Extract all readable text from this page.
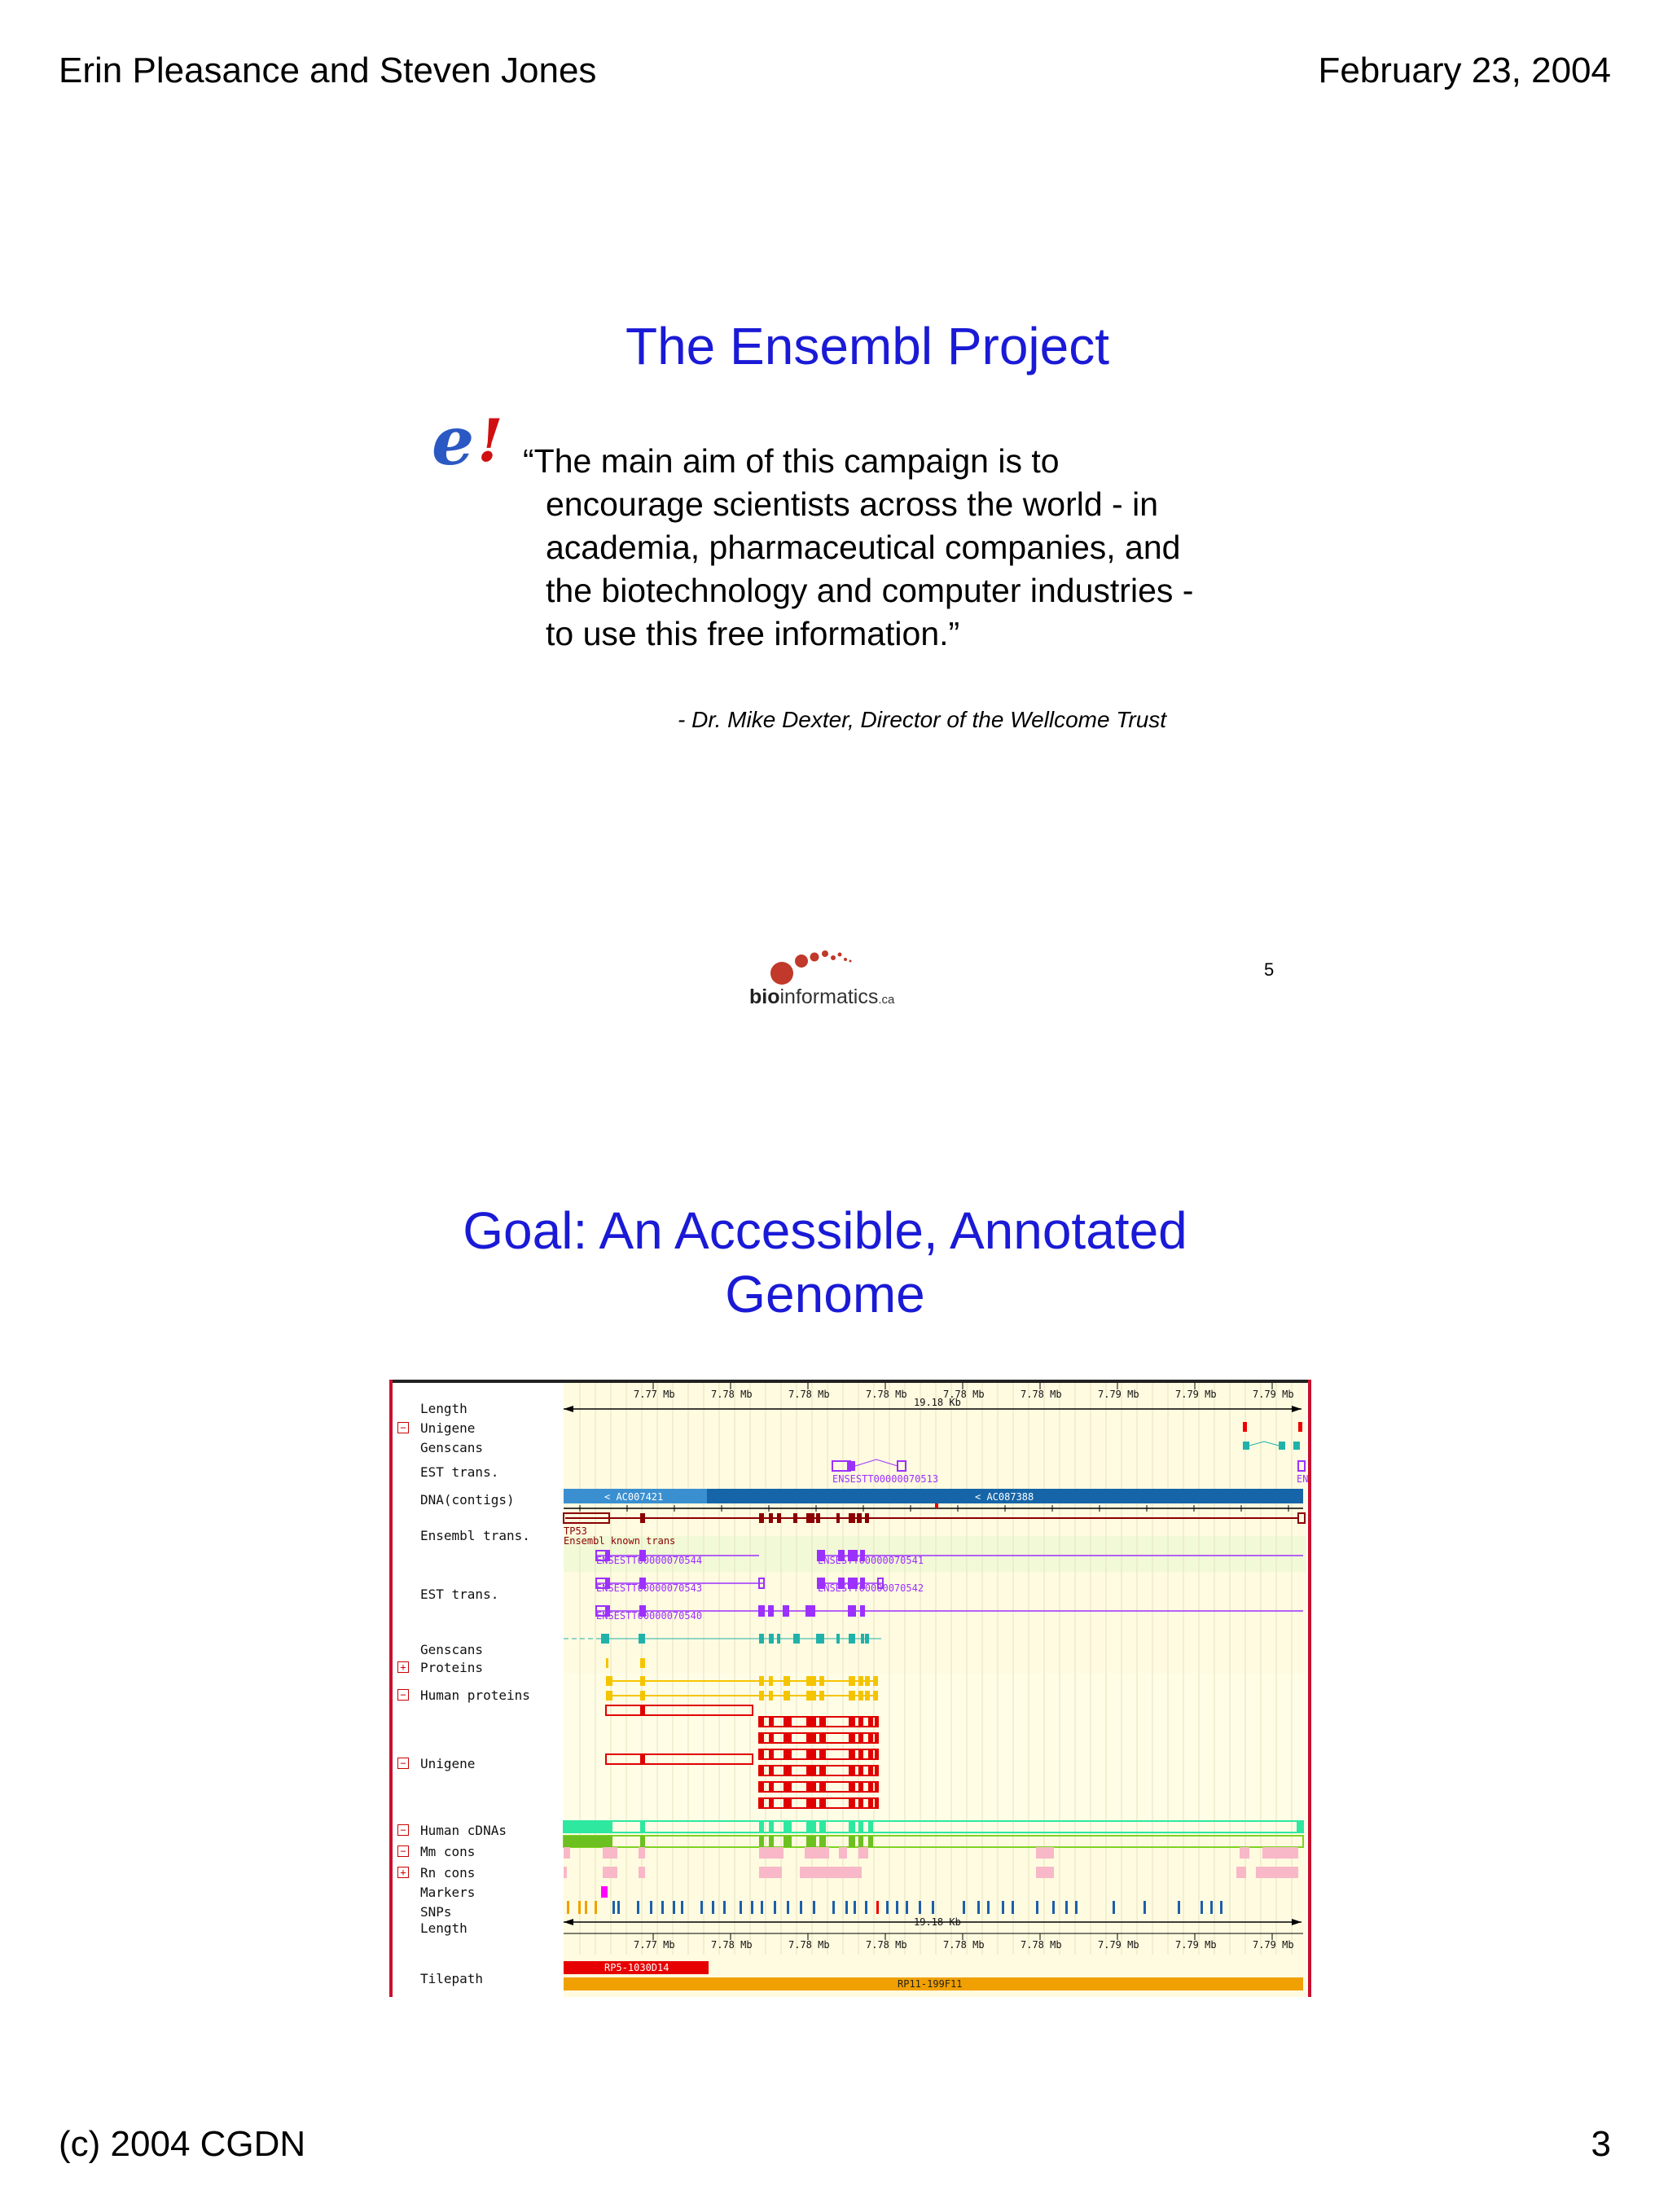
Erin Pleasance and Steven Jones	February 23, 2004
The Ensembl Project
e ! “The main aim of this campaign is to
encourage scientists across the world - in
academia, pharmaceutical companies, and
the biotechnology and computer industries -
to use this free information.”
- Dr. Mike Dexter, Director of the Wellcome Trust
bioinformatics.ca
5
Goal: An Accessible, Annotated
Genome
Length
− Unigene
Genscans
EST trans.
DNA(contigs)
Ensembl trans.
EST trans.
Genscans
+ Proteins
− Human proteins
− Unigene
− Human cDNAs
− Mm cons
+ Rn cons
Markers
SNPs
Length
Tilepath
7.77 Mb	7.78 Mb	7.78 Mb	7.78 Mb	7.78 Mb	7.78 Mb	7.79 Mb	7.79 Mb	7.79 Mb
19.18 Kb
ENSESTT00000070513	EN
< AC007421	< AC087388
TP53
Ensembl known trans
ENSESTT00000070544	ENSESTT00000070541
ENSESTT00000070543	ENSESTT00000070542
ENSESTT00000070540
19.18 Kb
7.77 Mb	7.78 Mb	7.78 Mb	7.78 Mb	7.78 Mb	7.78 Mb	7.79 Mb	7.79 Mb	7.79 Mb
RP5-1030D14
RP11-199F11
(c) 2004 CGDN	3
